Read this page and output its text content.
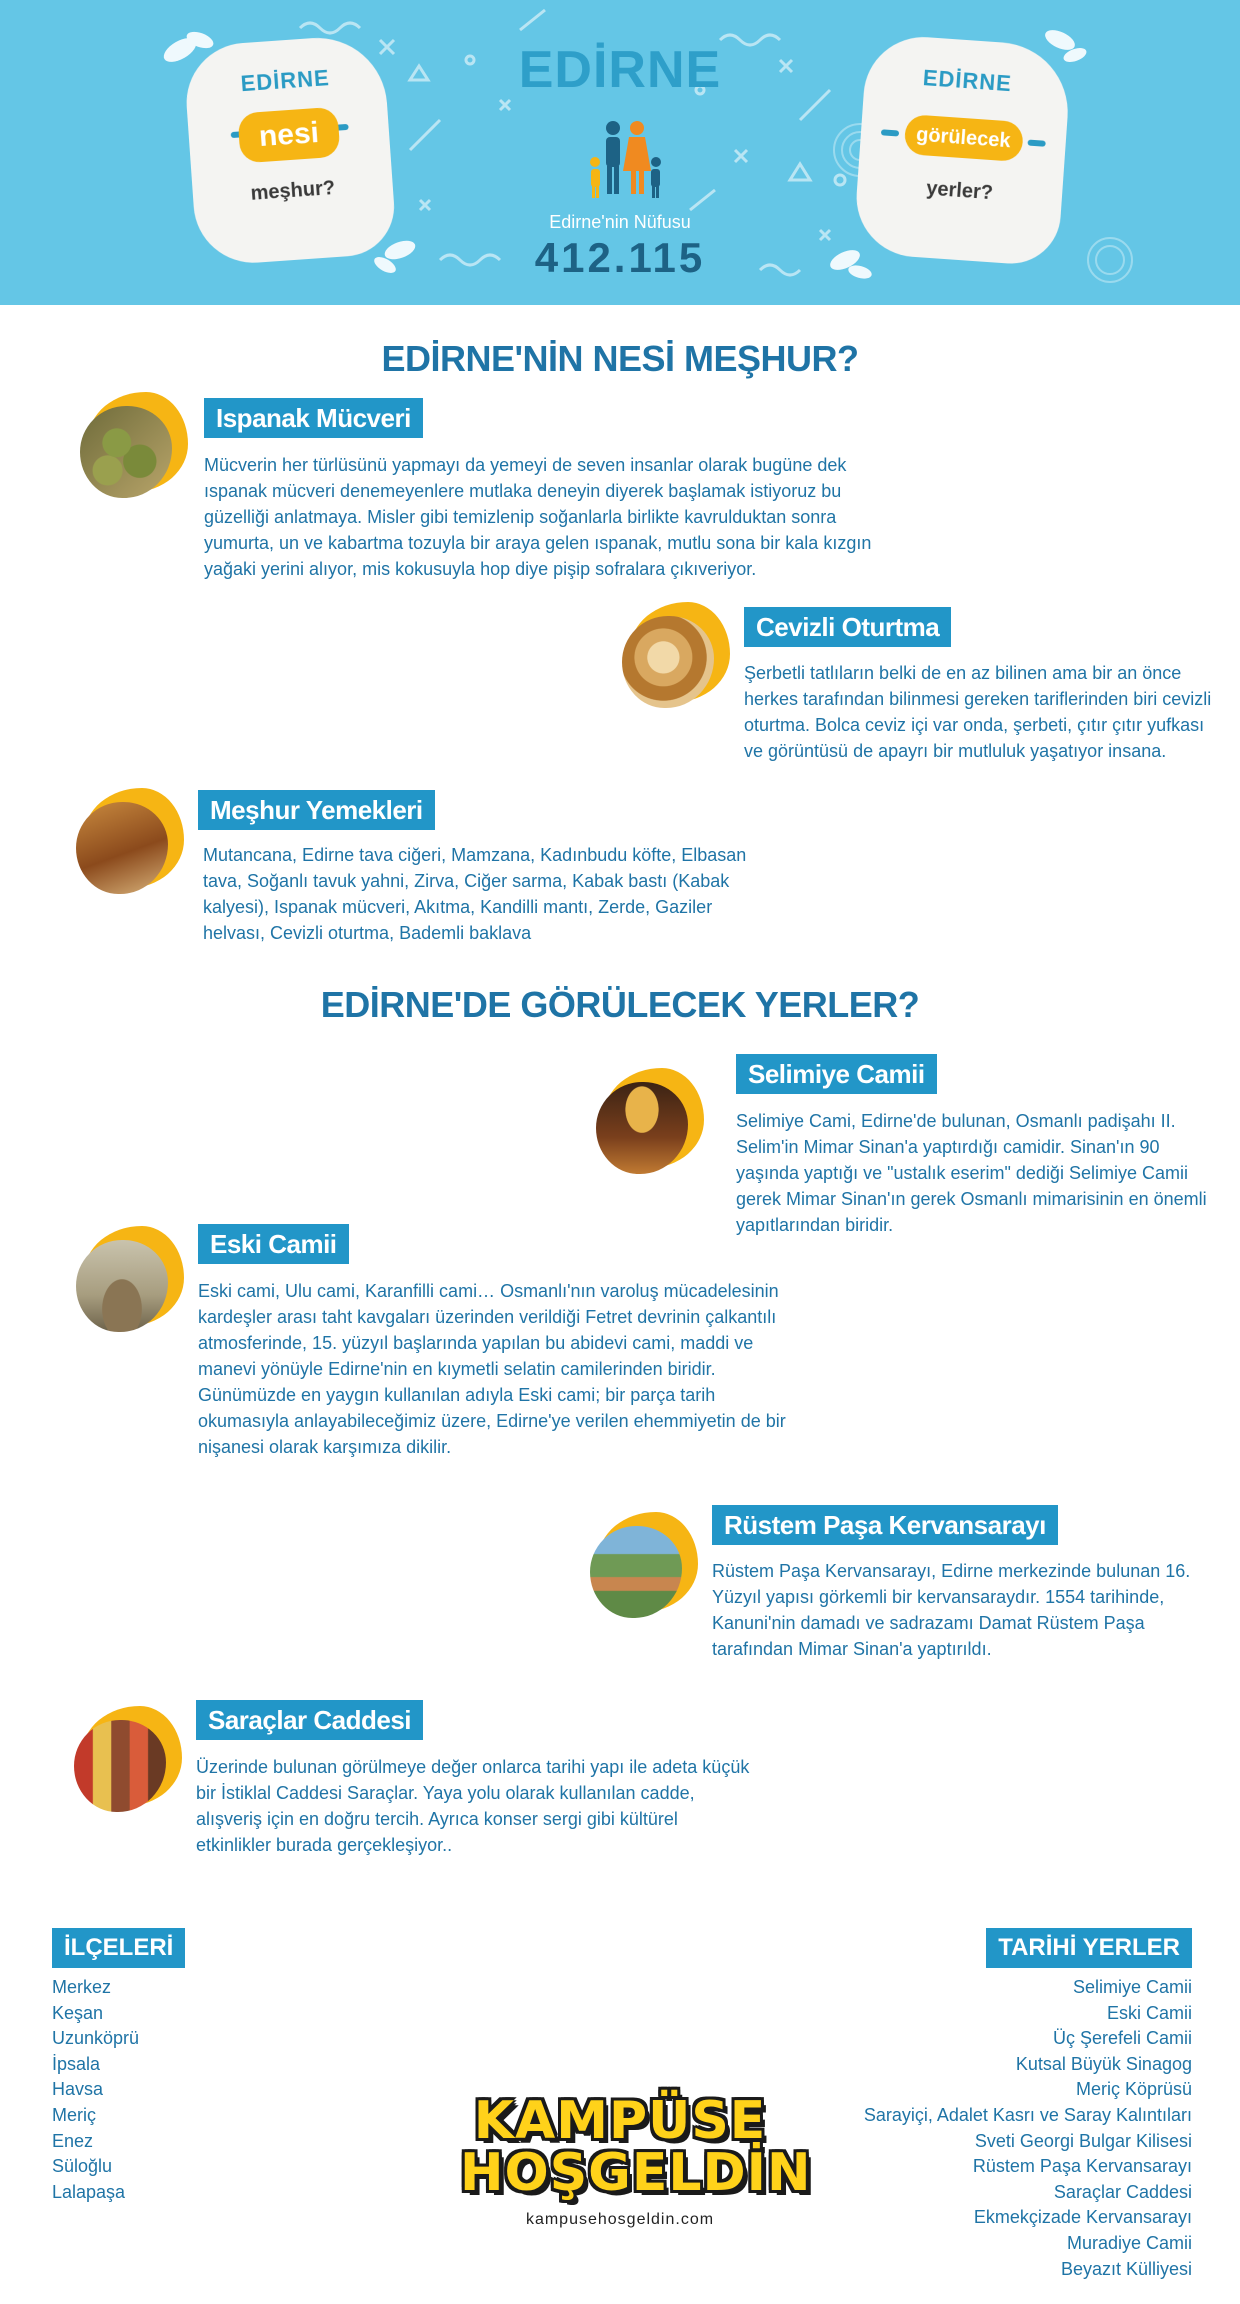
EDİRNE
nesi
meşhur?
EDİRNE
Edirne'nin Nüfusu
412.115
EDİRNE
görülecek
yerler?
EDİRNE'NİN NESİ MEŞHUR?
Ispanak Mücveri
Mücverin her türlüsünü yapmayı da yemeyi de seven insanlar olarak bugüne dek ıspanak mücveri denemeyenlere mutlaka deneyin diyerek başlamak istiyoruz bu güzelliği anlatmaya. Misler gibi temizlenip soğanlarla birlikte kavrulduktan sonra yumurta, un ve kabartma tozuyla bir araya gelen ıspanak, mutlu sona bir kala kızgın yağaki yerini alıyor, mis kokusuyla hop diye pişip sofralara çıkıveriyor.
Cevizli Oturtma
Şerbetli tatlıların belki de en az bilinen ama bir an önce herkes tarafından bilinmesi gereken tariflerinden biri cevizli oturtma. Bolca ceviz içi var onda, şerbeti, çıtır çıtır yufkası ve görüntüsü de apayrı bir mutluluk yaşatıyor insana.
Meşhur Yemekleri
Mutancana, Edirne tava ciğeri, Mamzana, Kadınbudu köfte, Elbasan tava, Soğanlı tavuk yahni, Zirva, Ciğer sarma, Kabak bastı (Kabak kalyesi), Ispanak mücveri, Akıtma, Kandilli mantı, Zerde, Gaziler helvası, Cevizli oturtma, Bademli baklava
EDİRNE'DE GÖRÜLECEK YERLER?
Selimiye Camii
Selimiye Cami, Edirne'de bulunan, Osmanlı padişahı II. Selim'in Mimar Sinan'a yaptırdığı camidir. Sinan'ın 90 yaşında yaptığı ve "ustalık eserim" dediği Selimiye Camii gerek Mimar Sinan'ın gerek Osmanlı mimarisinin en önemli yapıtlarından biridir.
Eski Camii
Eski cami, Ulu cami, Karanfilli cami… Osmanlı'nın varoluş mücadelesinin kardeşler arası taht kavgaları üzerinden verildiği Fetret devrinin çalkantılı atmosferinde, 15. yüzyıl başlarında yapılan bu abidevi cami, maddi ve manevi yönüyle Edirne'nin en kıymetli selatin camilerinden biridir. Günümüzde en yaygın kullanılan adıyla Eski cami; bir parça tarih okumasıyla anlayabileceğimiz üzere, Edirne'ye verilen ehemmiyetin de bir nişanesi olarak karşımıza dikilir.
Rüstem Paşa Kervansarayı
Rüstem Paşa Kervansarayı, Edirne merkezinde bulunan 16. Yüzyıl yapısı görkemli bir kervansaraydır. 1554 tarihinde, Kanuni'nin damadı ve sadrazamı Damat Rüstem Paşa tarafından Mimar Sinan'a yaptırıldı.
Saraçlar Caddesi
Üzerinde bulunan görülmeye değer onlarca tarihi yapı ile adeta küçük bir İstiklal Caddesi Saraçlar. Yaya yolu olarak kullanılan cadde, alışveriş için en doğru tercih. Ayrıca konser sergi gibi kültürel etkinlikler burada gerçekleşiyor..
İLÇELERİ
Merkez
Keşan
Uzunköprü
İpsala
Havsa
Meriç
Enez
Süloğlu
Lalapaşa
TARİHİ YERLER
Selimiye Camii
Eski Camii
Üç Şerefeli Camii
Kutsal Büyük Sinagog
Meriç Köprüsü
Sarayiçi, Adalet Kasrı ve Saray Kalıntıları
Sveti Georgi Bulgar Kilisesi
Rüstem Paşa Kervansarayı
Saraçlar Caddesi
Ekmekçizade Kervansarayı
Muradiye Camii
Beyazıt Külliyesi
KAMPÜSE
HOŞGELDİN
kampusehosgeldin.com
